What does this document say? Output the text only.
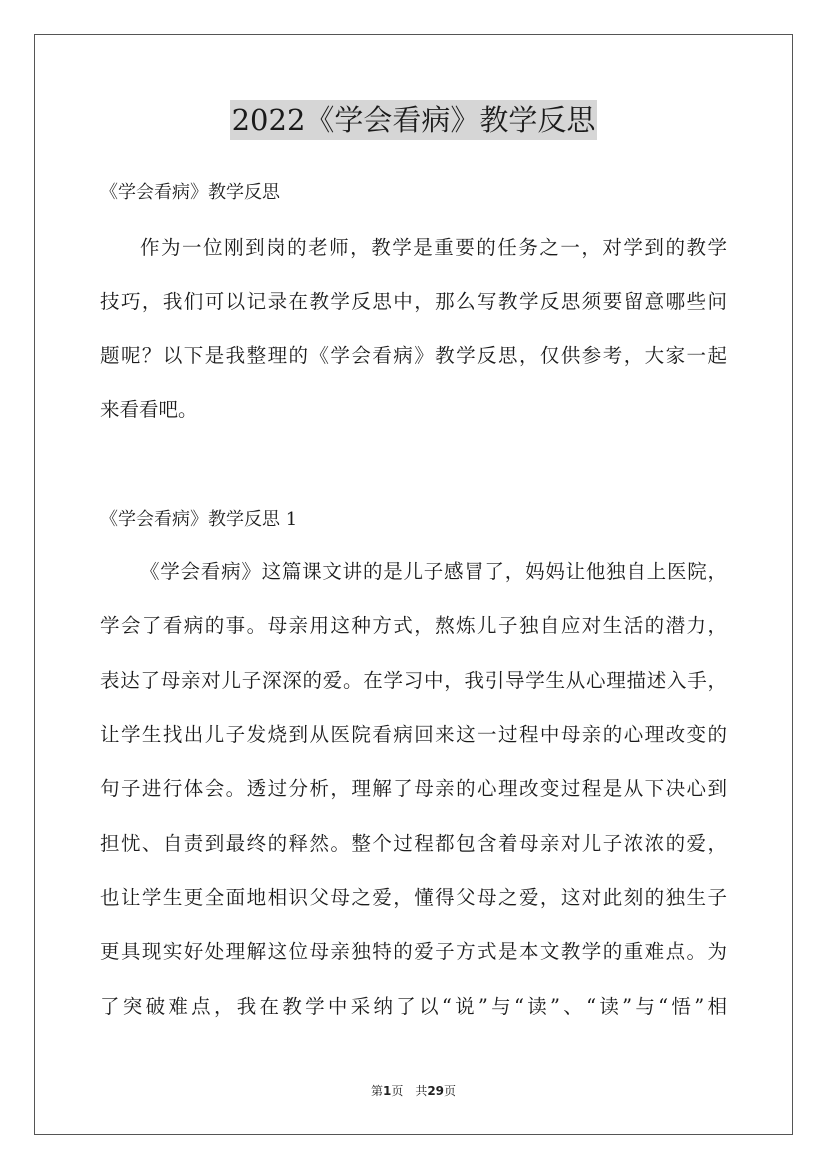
2022《学会看病》教学反思
《学会看病》教学反思
作为一位刚到岗的老师，教学是重要的任务之一，对学到的教学
技巧，我们可以记录在教学反思中，那么写教学反思须要留意哪些问
题呢？以下是我整理的《学会看病》教学反思，仅供参考，大家一起
来看看吧。
《学会看病》教学反思 1
《学会看病》这篇课文讲的是儿子感冒了，妈妈让他独自上医院，
学会了看病的事。母亲用这种方式，熬炼儿子独自应对生活的潜力，
表达了母亲对儿子深深的爱。在学习中，我引导学生从心理描述入手，
让学生找出儿子发烧到从医院看病回来这一过程中母亲的心理改变的
句子进行体会。透过分析，理解了母亲的心理改变过程是从下决心到
担忧、自责到最终的释然。整个过程都包含着母亲对儿子浓浓的爱，
也让学生更全面地相识父母之爱，懂得父母之爱，这对此刻的独生子
更具现实好处理解这位母亲独特的爱子方式是本文教学的重难点。为
了突破难点，我在教学中采纳了以“说”与“读”、“读”与“悟”相
第1页　共29页
